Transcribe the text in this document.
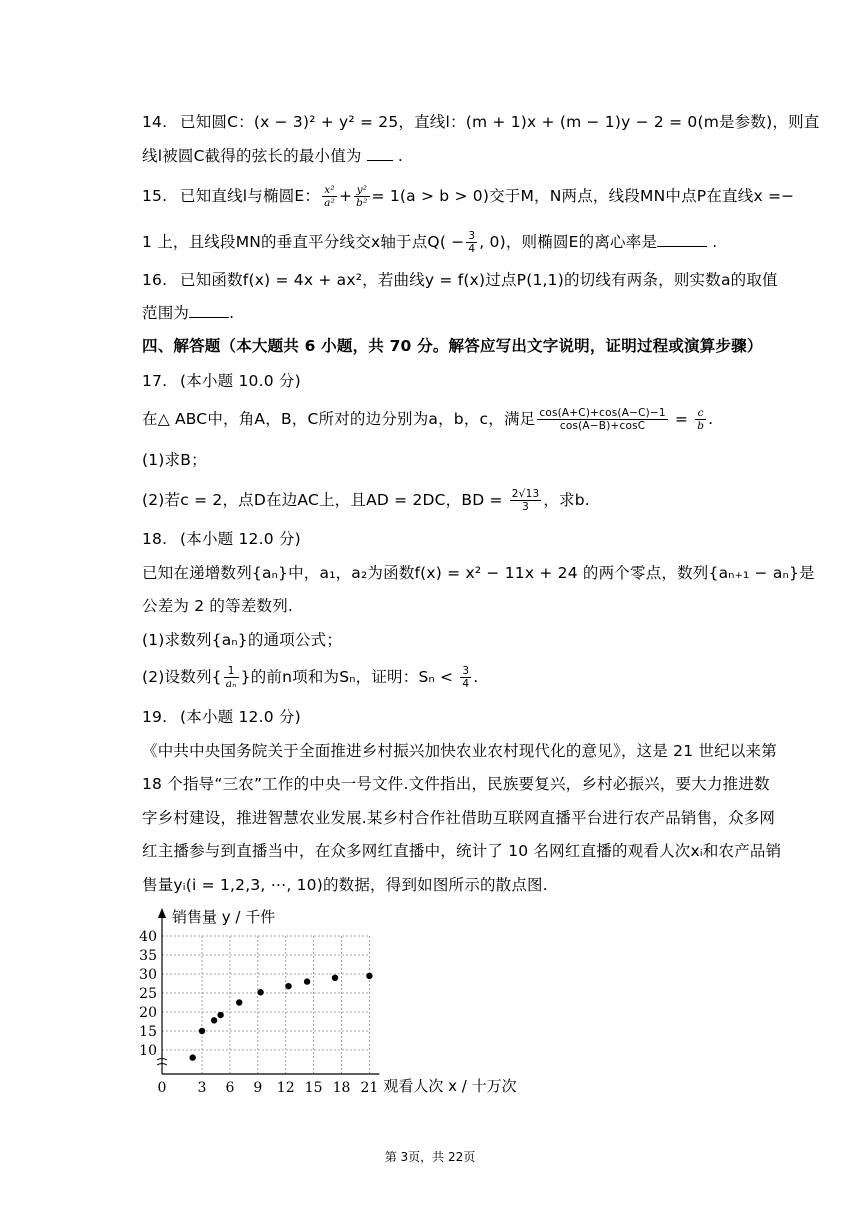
14. 已知圆C：(x − 3)² + y² = 25，直线l：(m + 1)x + (m − 1)y − 2 = 0(m是参数)，则直
线l被圆C截得的弦长的最小值为 .
15. 已知直线l与椭圆E： $\frac{\text{x²}}{\text{a²}} + \frac{\text{y²}}{\text{b²}} = 1(a > b > 0)$交于M，N两点，线段MN中点P在直线x =−
1 上，且线段MN的垂直平分线交x轴于点$Q( - \frac{3}{4}$ , 0)，则椭圆E的离心率是	.
16. 已知函数f(x) = 4x + ax²，若曲线y = f(x)过点P(1,1)的切线有两条，则实数a的取值
范围为	.
四、解答题（本大题共 6 小题，共 70 分。解答应写出文字说明，证明过程或演算步骤）
17. (本小题 10.0 分)
在△ ABC中，角A，B，C所对的边分别为a，b，c，满足 $\frac{\cos(A+C)+\cos(A-C)-1}{\cos(A-B)+\cos C} = \frac{c}{b}$ .
(1)求B；
(2)若c = 2，点D在边AC上，且AD = 2DC，BD = $\frac{2√13}{3}$ ，求b.
18. (本小题 12.0 分)
已知在递增数列{aₙ}中，a₁，a₂为函数f(x) = x² − 11x + 24 的两个零点，数列{aₙ₊₁ − aₙ}是
公差为 2 的等差数列.
(1)求数列{aₙ}的通项公式；
(2)设数列{ $\frac{1}{\text{aₙ}}$ }的前n项和为Sₙ，证明：$S_n < \frac{3}{4}$ .
19. (本小题 12.0 分)
《中共中央国务院关于全面推进乡村振兴加快农业农村现代化的意见》，这是 21 世纪以来第
18 个指导“三农”工作的中央一号文件.文件指出，民族要复兴，乡村必振兴，要大力推进数
字乡村建设，推进智慧农业发展.某乡村合作社借助互联网直播平台进行农产品销售，众多网
红主播参与到直播当中，在众多网红直播中，统计了 10 名网红直播的观看人次xᵢ和农产品销
售量yᵢ(i = 1,2,3, ⋯, 10)的数据，得到如图所示的散点图.
10
15
20
25
30
35
40
0 3 6 9 12 15 18 21
销售量 y / 千件
观看人次 x / 十万次
第 3页，共 22页
